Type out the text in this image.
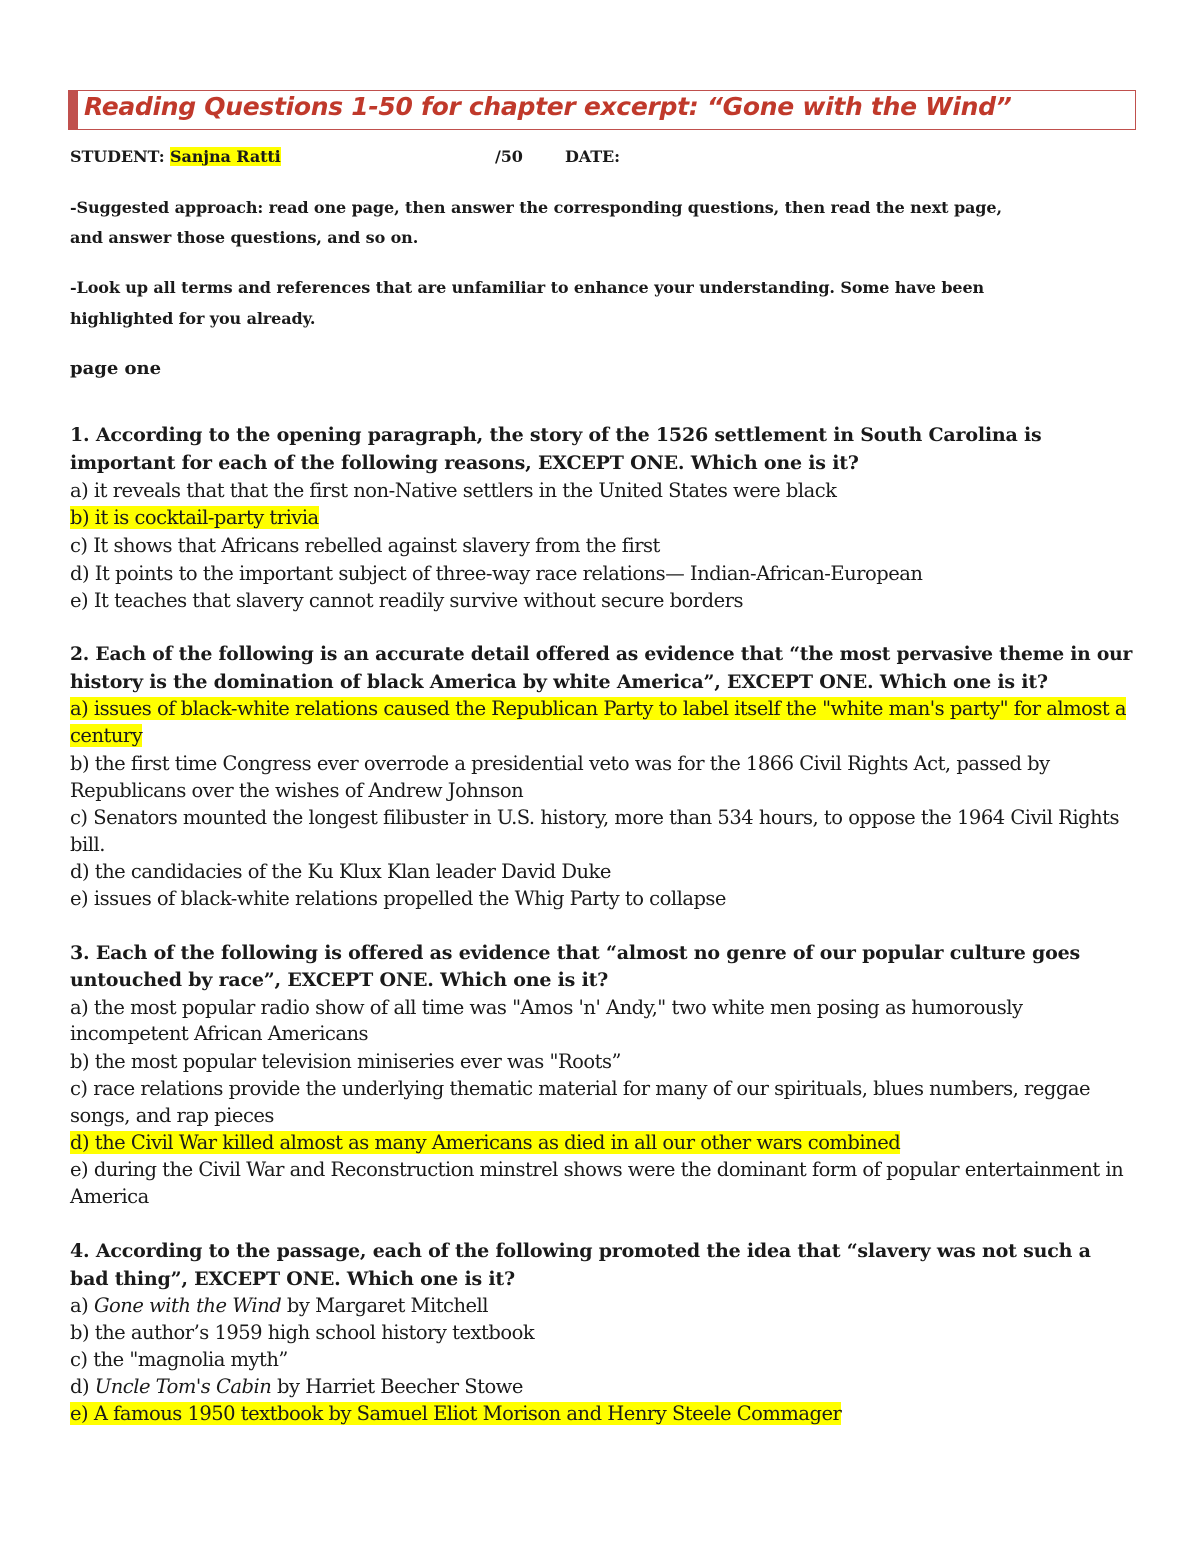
Reading Questions 1-50 for chapter excerpt: “Gone with the Wind”
STUDENT: Sanjna Ratti	/50	DATE:
-Suggested approach: read one page, then answer the corresponding questions, then read the next page,
and answer those questions, and so on.
-Look up all terms and references that are unfamiliar to enhance your understanding. Some have been
highlighted for you already.
page one
1. According to the opening paragraph, the story of the 1526 settlement in South Carolina is
important for each of the following reasons, EXCEPT ONE. Which one is it?
a) it reveals that that the first non-Native settlers in the United States were black
b) it is cocktail-party trivia
c) It shows that Africans rebelled against slavery from the first
d) It points to the important subject of three-way race relations— Indian-African-European
e) It teaches that slavery cannot readily survive without secure borders
2. Each of the following is an accurate detail offered as evidence that “the most pervasive theme in our
history is the domination of black America by white America”, EXCEPT ONE. Which one is it?
a) issues of black-white relations caused the Republican Party to label itself the "white man's party" for almost a
century
b) the first time Congress ever overrode a presidential veto was for the 1866 Civil Rights Act, passed by
Republicans over the wishes of Andrew Johnson
c) Senators mounted the longest filibuster in U.S. history, more than 534 hours, to oppose the 1964 Civil Rights
bill.
d) the candidacies of the Ku Klux Klan leader David Duke
e) issues of black-white relations propelled the Whig Party to collapse
3. Each of the following is offered as evidence that “almost no genre of our popular culture goes
untouched by race”, EXCEPT ONE. Which one is it?
a) the most popular radio show of all time was "Amos 'n' Andy," two white men posing as humorously
incompetent African Americans
b) the most popular television miniseries ever was "Roots”
c) race relations provide the underlying thematic material for many of our spirituals, blues numbers, reggae
songs, and rap pieces
d) the Civil War killed almost as many Americans as died in all our other wars combined
e) during the Civil War and Reconstruction minstrel shows were the dominant form of popular entertainment in
America
4. According to the passage, each of the following promoted the idea that “slavery was not such a
bad thing”, EXCEPT ONE. Which one is it?
a) Gone with the Wind by Margaret Mitchell
b) the author’s 1959 high school history textbook
c) the "magnolia myth”
d) Uncle Tom's Cabin by Harriet Beecher Stowe
e) A famous 1950 textbook by Samuel Eliot Morison and Henry Steele Commager
